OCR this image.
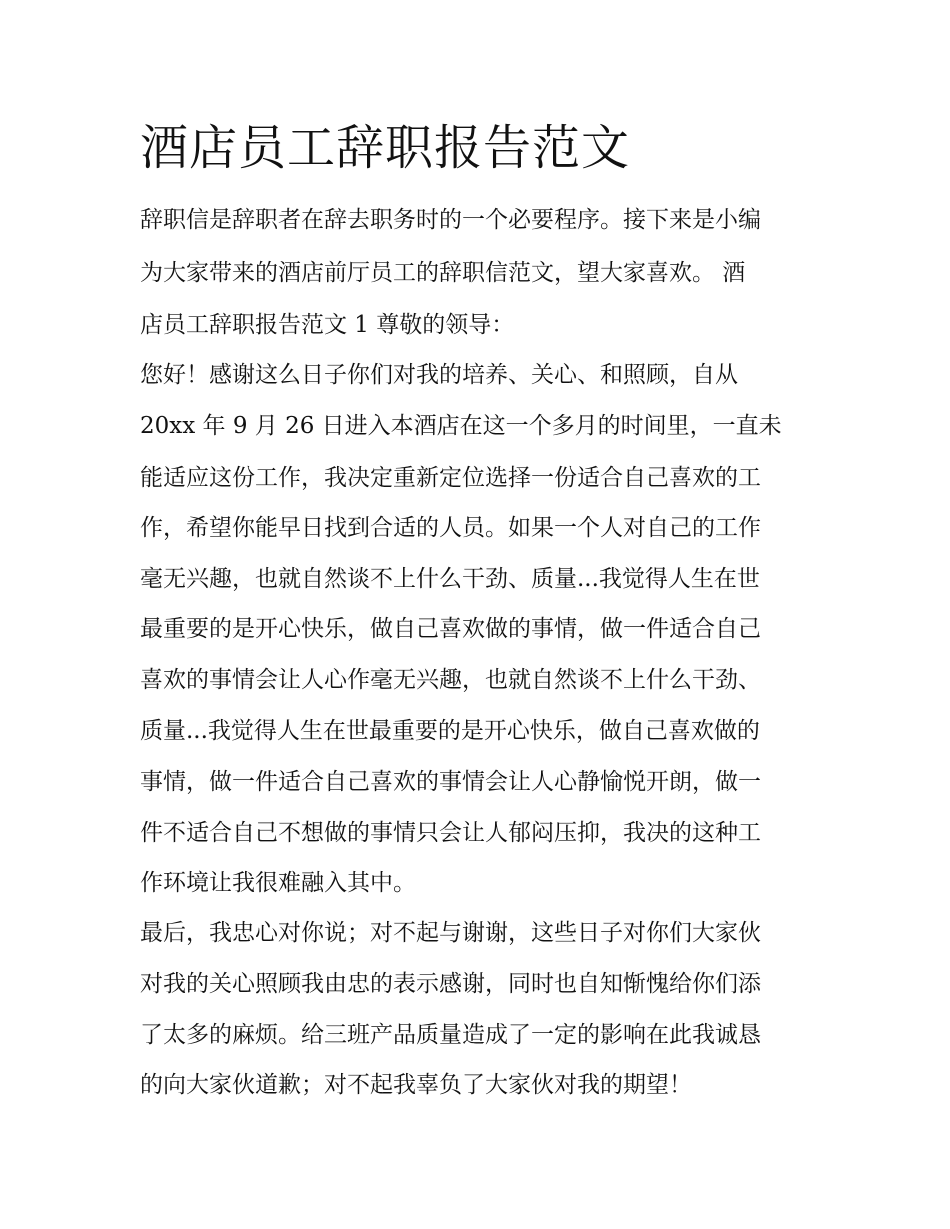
酒店员工辞职报告范文

辞职信是辞职者在辞去职务时的一个必要程序。接下来是小编

为大家带来的酒店前厅员工的辞职信范文，望大家喜欢。 酒

店员工辞职报告范文 1 尊敬的领导：

您好！感谢这么日子你们对我的培养、关心、和照顾，自从

20xx 年 9 月 26 日进入本酒店在这一个多月的时间里，一直未

能适应这份工作，我决定重新定位选择一份适合自己喜欢的工

作，希望你能早日找到合适的人员。如果一个人对自己的工作

毫无兴趣，也就自然谈不上什么干劲、质量...我觉得人生在世

最重要的是开心快乐，做自己喜欢做的事情，做一件适合自己

喜欢的事情会让人心作毫无兴趣，也就自然谈不上什么干劲、

质量...我觉得人生在世最重要的是开心快乐，做自己喜欢做的

事情，做一件适合自己喜欢的事情会让人心静愉悦开朗，做一

件不适合自己不想做的事情只会让人郁闷压抑，我决的这种工

作环境让我很难融入其中。

最后，我忠心对你说；对不起与谢谢，这些日子对你们大家伙

对我的关心照顾我由忠的表示感谢，同时也自知惭愧给你们添

了太多的麻烦。给三班产品质量造成了一定的影响在此我诚恳

的向大家伙道歉；对不起我辜负了大家伙对我的期望！
